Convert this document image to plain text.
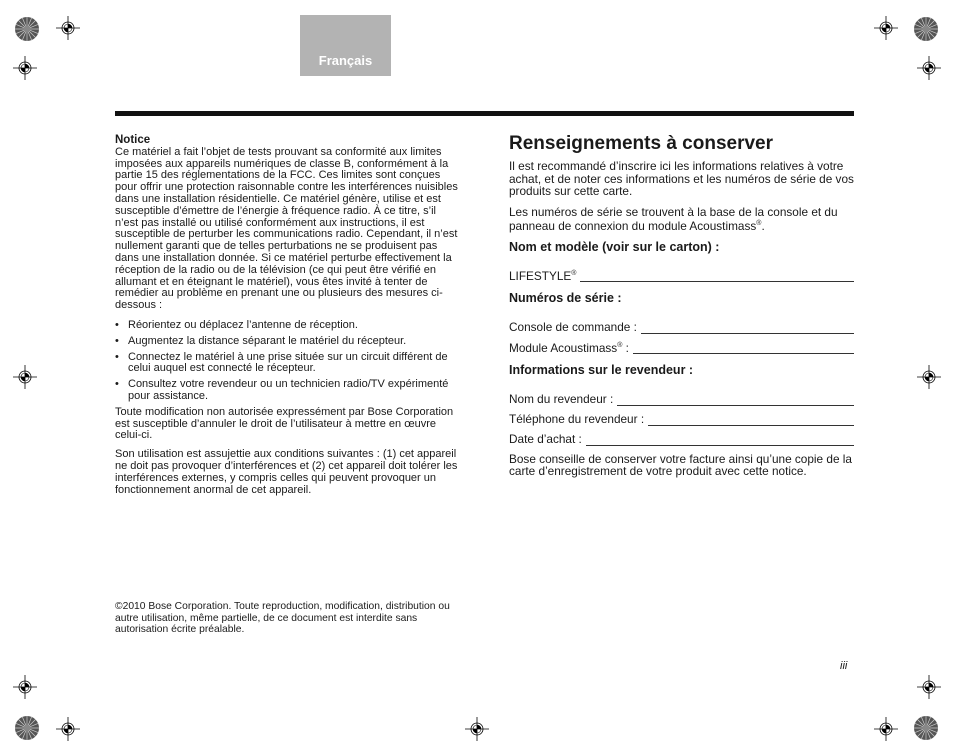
Français

Notice

Ce matériel a fait l’objet de tests prouvant sa conformité aux limites imposées aux appareils numériques de classe B, conformément à la partie 15 des réglementations de la FCC. Ces limites sont conçues pour offrir une protection raisonnable contre les interférences nuisibles dans une installation résidentielle. Ce matériel génère, utilise et est susceptible d’émettre de l’énergie à fréquence radio. À ce titre, s’il n’est pas installé ou utilisé conformément aux instructions, il est susceptible de perturber les communications radio. Cependant, il n’est nullement garanti que de telles perturbations ne se produisent pas dans une installation donnée. Si ce matériel perturbe effectivement la réception de la radio ou de la télévision (ce qui peut être vérifié en allumant et en éteignant le matériel), vous êtes invité à tenter de remédier au problème en prenant une ou plusieurs des mesures ci-dessous :

• Réorientez ou déplacez l’antenne de réception.
• Augmentez la distance séparant le matériel du récepteur.
• Connectez le matériel à une prise située sur un circuit différent de celui auquel est connecté le récepteur.
• Consultez votre revendeur ou un technicien radio/TV expérimenté pour assistance.

Toute modification non autorisée expressément par Bose Corporation est susceptible d’annuler le droit de l’utilisateur à mettre en œuvre celui-ci.

Son utilisation est assujettie aux conditions suivantes : (1) cet appareil ne doit pas provoquer d’interférences et (2) cet appareil doit tolérer les interférences externes, y compris celles qui peuvent provoquer un fonctionnement anormal de cet appareil.

©2010 Bose Corporation. Toute reproduction, modification, distribution ou autre utilisation, même partielle, de ce document est interdite sans autorisation écrite préalable.
Renseignements à conserver

Il est recommandé d’inscrire ici les informations relatives à votre achat, et de noter ces informations et les numéros de série de vos produits sur cette carte.

Les numéros de série se trouvent à la base de la console et du panneau de connexion du module Acoustimass®.

Nom et modèle (voir sur le carton) :
LIFESTYLE®
Numéros de série :
Console de commande :
Module Acoustimass® :
Informations sur le revendeur :
Nom du revendeur :
Téléphone du revendeur :
Date d’achat :

Bose conseille de conserver votre facture ainsi qu’une copie de la carte d’enregistrement de votre produit avec cette notice.

iii
